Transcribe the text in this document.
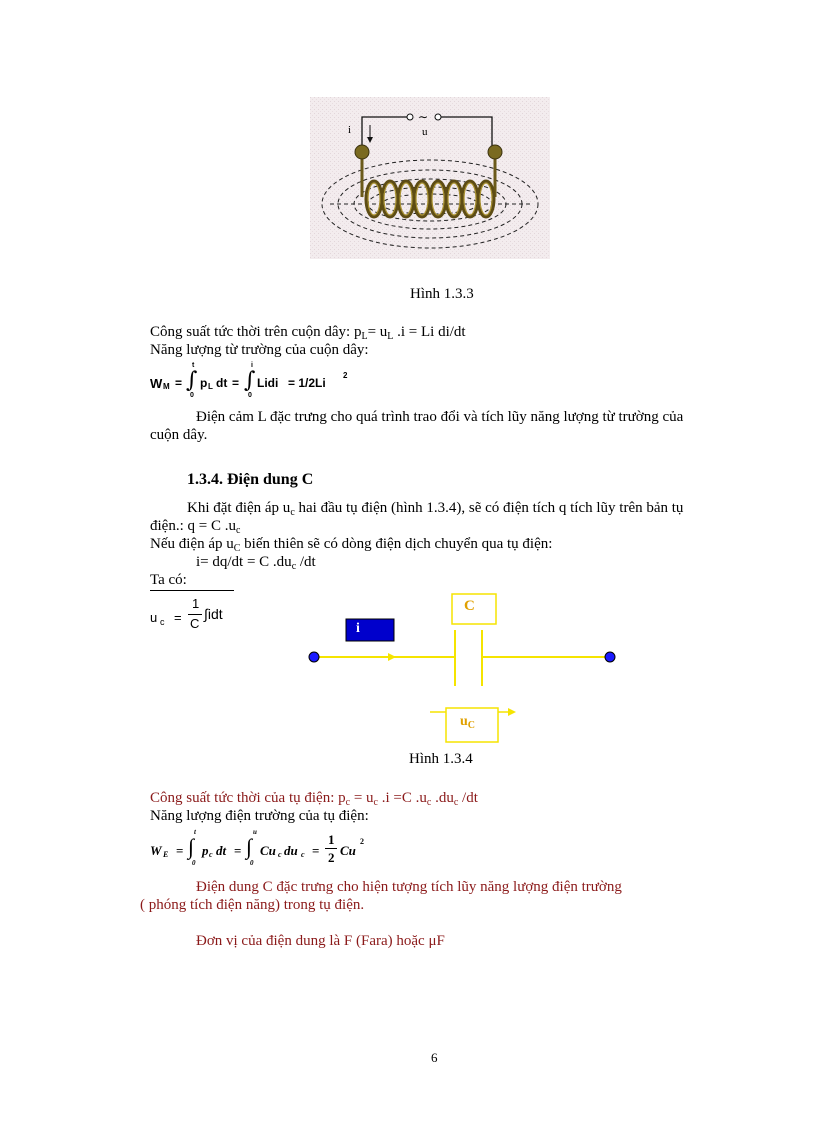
∼
i	u
Hình 1.3.3
Công suất tức thời trên cuộn dây: $p_L= u_L$ .i = Li di/dt
Năng lượng từ trường của cuộn dây:
W M =
t
∫
0
p L dt =
i
∫
0
Lidi = 1/2Li
2
Điện cảm L đặc trưng cho quá trình trao đổi và tích lũy năng lượng từ trường của
cuộn dây.
1.3.4. Điện dung C
Khi đặt điện áp $u_c$ hai đầu tụ điện (hình 1.3.4), sẽ có điện tích q tích lũy trên bản tụ
điện.: q = C $.u_c$
Nếu điện áp $u_C$ biến thiên sẽ có dòng điện dịch chuyển qua tụ điện:
i= dq/dt = C $.du_c$ /dt
Ta có:
u c =
1
C
∫idt	C
i
$u_C$
Hình 1.3.4
Công suất tức thời của tụ điện: $p_c = u_c$ .i =C $.u_c$ $.du_c$ /dt
Năng lượng điện trường của tụ điện:
W E =
t
∫
0
p c dt =
u
∫
0
Cu c du c =
1
2 Cu
2
Điện dung C đặc trưng cho hiện tượng tích lũy năng lượng điện trường
( phóng tích điện năng) trong tụ điện.
Đơn vị của điện dung là F (Fara) hoặc μF
6
